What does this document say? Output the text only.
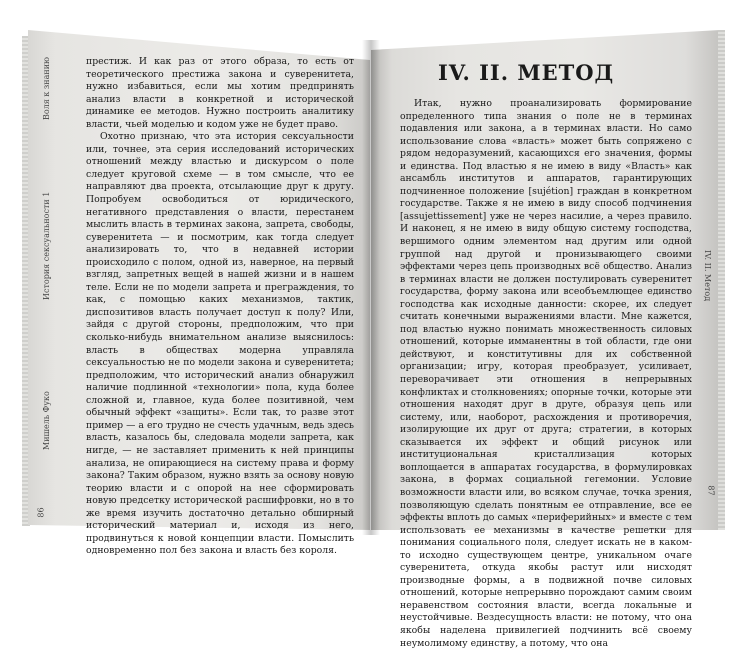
Воля к знанию
История сексуальности 1
Мишель Фуко
86

престиж. И как раз от этого образа, то есть от теоретического престижа закона и суверенитета, нужно избавиться, если мы хотим предпринять анализ власти в конкретной и исторической динамике ее методов. Нужно построить аналитику власти, чьей моделью и кодом уже не будет право.

Охотно признаю, что эта история сексуальности или, точнее, эта серия исследований исторических отношений между властью и дискурсом о поле следует круговой схеме — в том смысле, что ее направляют два проекта, отсылающие друг к другу. Попробуем освободиться от юридического, негативного представления о власти, перестанем мыслить власть в терминах закона, запрета, свободы, суверенитета — и посмотрим, как тогда следует анализировать то, что в недавней истории происходило с полом, одной из, наверное, на первый взгляд, запретных вещей в нашей жизни и в нашем теле. Если не по модели запрета и преграждения, то как, с помощью каких механизмов, тактик, диспозитивов власть получает доступ к полу? Или, зайдя с другой стороны, предположим, что при сколько-нибудь внимательном анализе выяснилось: власть в обществах модерна управляла сексуальностью не по модели закона и суверенитета; предположим, что исторический анализ обнаружил наличие подлинной «технологии» пола, куда более сложной и, главное, куда более позитивной, чем обычный эффект «защиты». Если так, то разве этот пример — а его трудно не счесть удачным, ведь здесь власть, казалось бы, следовала модели запрета, как нигде, — не заставляет применить к ней принципы анализа, не опирающиеся на систему права и форму закона? Таким образом, нужно взять за основу новую теорию власти и с опорой на нее сформировать новую предсетку исторической расшифровки, но в то же время изучить достаточно детально обширный исторический материал и, исходя из него, продвинуться к новой концепции власти. Помыслить одновременно пол без закона и власть без короля.

IV. II. МЕТОД

Итак, нужно проанализировать формирование определенного типа знания о поле не в терминах подавления или закона, а в терминах власти. Но само использование слова «власть» может быть сопряжено с рядом недоразумений, касающихся его значения, формы и единства. Под властью я не имею в виду «Власть» как ансамбль институтов и аппаратов, гарантирующих подчиненное положение [sujétion] граждан в конкретном государстве. Также я не имею в виду способ подчинения [assujettissement] уже не через насилие, а через правило. И наконец, я не имею в виду общую систему господства, вершимого одним элементом над другим или одной группой над другой и пронизывающего своими эффектами через цепь производных всё общество. Анализ в терминах власти не должен постулировать суверенитет государства, форму закона или всеобъемлющее единство господства как исходные данности: скорее, их следует считать конечными выражениями власти. Мне кажется, под властью нужно понимать множественность силовых отношений, которые имманентны в той области, где они действуют, и конститутивны для их собственной организации; игру, которая преобразует, усиливает, переворачивает эти отношения в непрерывных конфликтах и столкновениях; опорные точки, которые эти отношения находят друг в друге, образуя цепь или систему, или, наоборот, расхождения и противоречия, изолирующие их друг от друга; стратегии, в которых сказывается их эффект и общий рисунок или институциональная кристаллизация которых воплощается в аппаратах государства, в формулировках закона, в формах социальной гегемонии. Условие возможности власти или, во всяком случае, точка зрения, позволяющую сделать понятным ее отправление, все ее эффекты вплоть до самых «периферийных» и вместе с тем использовать ее механизмы в качестве решетки для понимания социального поля, следует искать не в каком-то исходно существующем центре, уникальном очаге суверенитета, откуда якобы растут или нисходят производные формы, а в подвижной почве силовых отношений, которые непрерывно порождают самим своим неравенством состояния власти, всегда локальные и неустойчивые. Вездесущность власти: не потому, что она якобы наделена привилегией подчинить всё своему неумолимому единству, а потому, что она

IV. II. Метод
87
